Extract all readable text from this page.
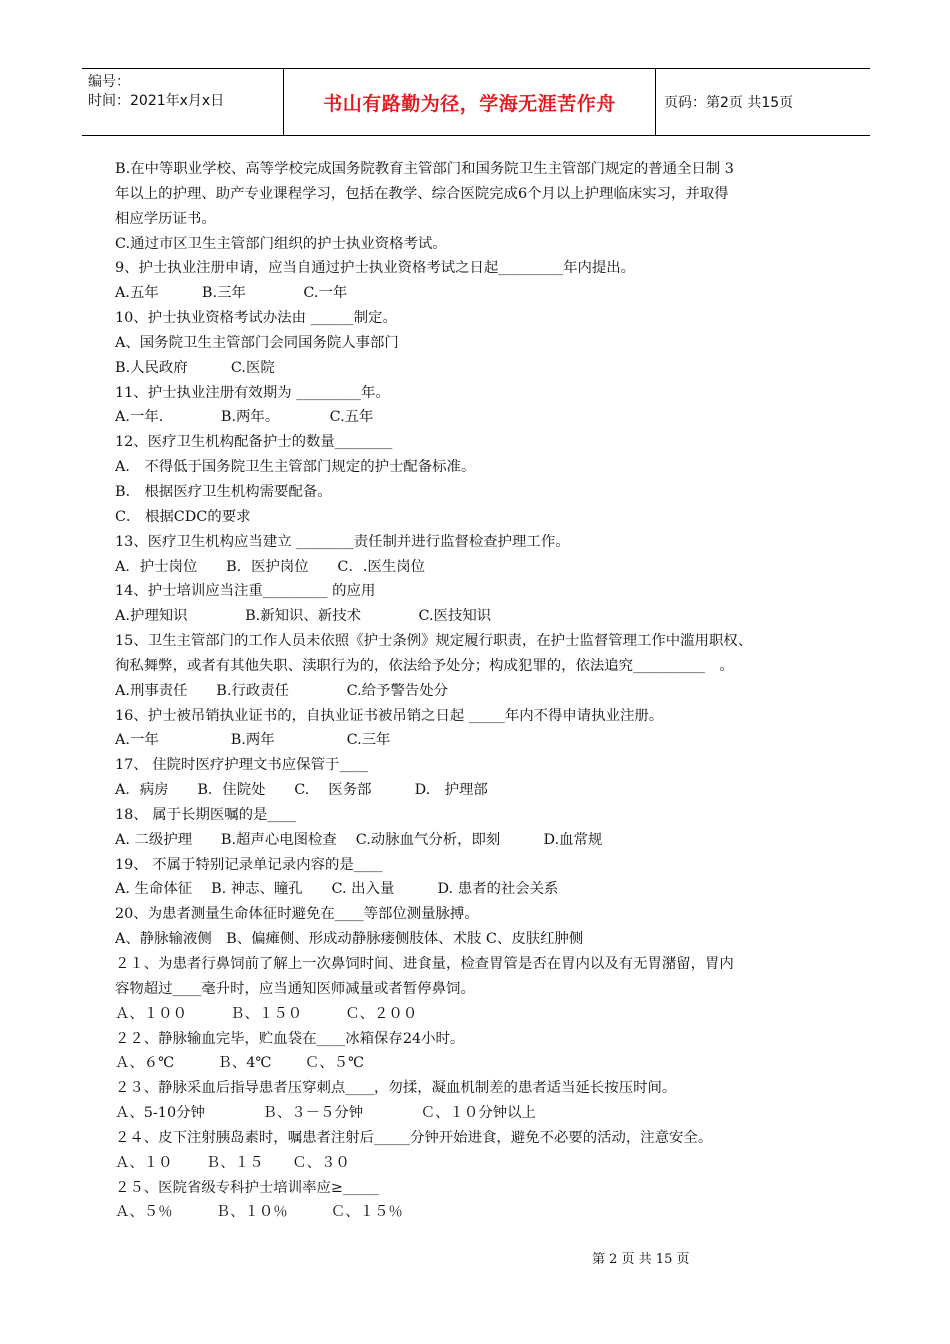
编号：
时间：2021年x月x日	书山有路勤为径，学海无涯苦作舟	页码：第2页 共15页
B.在中等职业学校、高等学校完成国务院教育主管部门和国务院卫生主管部门规定的普通全日制 3
年以上的护理、助产专业课程学习，包括在教学、综合医院完成6个月以上护理临床实习，并取得
相应学历证书。
C.通过市区卫生主管部门组织的护士执业资格考试。
9、护士执业注册申请，应当自通过护士执业资格考试之日起_________年内提出。
A.五年　　　B.三年　　　　C.一年
10、护士执业资格考试办法由 ______制定。
A、国务院卫生主管部门会同国务院人事部门
B.人民政府　　　C.医院
11、护士执业注册有效期为 _________年。
A.一年.　　　　B.两年。　　　　C.五年
12、医疗卫生机构配备护士的数量________
A． 不得低于国务院卫生主管部门规定的护士配备标准。
B． 根据医疗卫生机构需要配备。
C． 根据CDC的要求
13、医疗卫生机构应当建立 ________责任制并进行监督检查护理工作。
A．护士岗位　　B．医护岗位　　C．.医生岗位
14、护士培训应当注重_________ 的应用
A.护理知识　　　　B.新知识、新技术　　　　C.医技知识
15、卫生主管部门的工作人员未依照《护士条例》规定履行职责，在护士监督管理工作中滥用职权、
徇私舞弊，或者有其他失职、渎职行为的，依法给予处分；构成犯罪的，依法追究__________　。
A.刑事责任　　B.行政责任　　　　C.给予警告处分
16、护士被吊销执业证书的，自执业证书被吊销之日起 _____年内不得申请执业注册。
A.一年　　　　　B.两年　　　　　C.三年
17、 住院时医疗护理文书应保管于____
A．病房　　B．住院处　　C.　 医务部　　　D.　护理部
18、 属于长期医嘱的是____
A. 二级护理　　B.超声心电图检查　 C.动脉血气分析，即刻　　　D.血常规
19、 不属于特别记录单记录内容的是____
A. 生命体征　 B. 神志、瞳孔　　C. 出入量　　　D. 患者的社会关系
20、为患者测量生命体征时避免在____等部位测量脉搏。
A、静脉输液侧　B、偏瘫侧、形成动静脉瘘侧肢体、术肢 C、皮肤红肿侧
２１、为患者行鼻饲前了解上一次鼻饲时间、进食量，检查胃管是否在胃内以及有无胃潴留，胃内
容物超过____毫升时，应当通知医师减量或者暂停鼻饲。
Ａ、１００　　　Ｂ、１５０　　　Ｃ、２００
２２、静脉输血完毕，贮血袋在____冰箱保存24小时。
Ａ、６℃　　　Ｂ、4℃　　 Ｃ、５℃
２３、静脉采血后指导患者压穿刺点____，勿揉，凝血机制差的患者适当延长按压时间。
Ａ、5-10分钟　　　　Ｂ、３－５分钟　　　　Ｃ、１０分钟以上
２４、皮下注射胰岛素时，嘱患者注射后_____分钟开始进食，避免不必要的活动，注意安全。
Ａ、１０　　 Ｂ、１５　　Ｃ、３０
２５、医院省级专科护士培训率应≥_____
Ａ、５％　　　Ｂ、１０％　　　Ｃ、１５％
第 2 页 共 15 页
